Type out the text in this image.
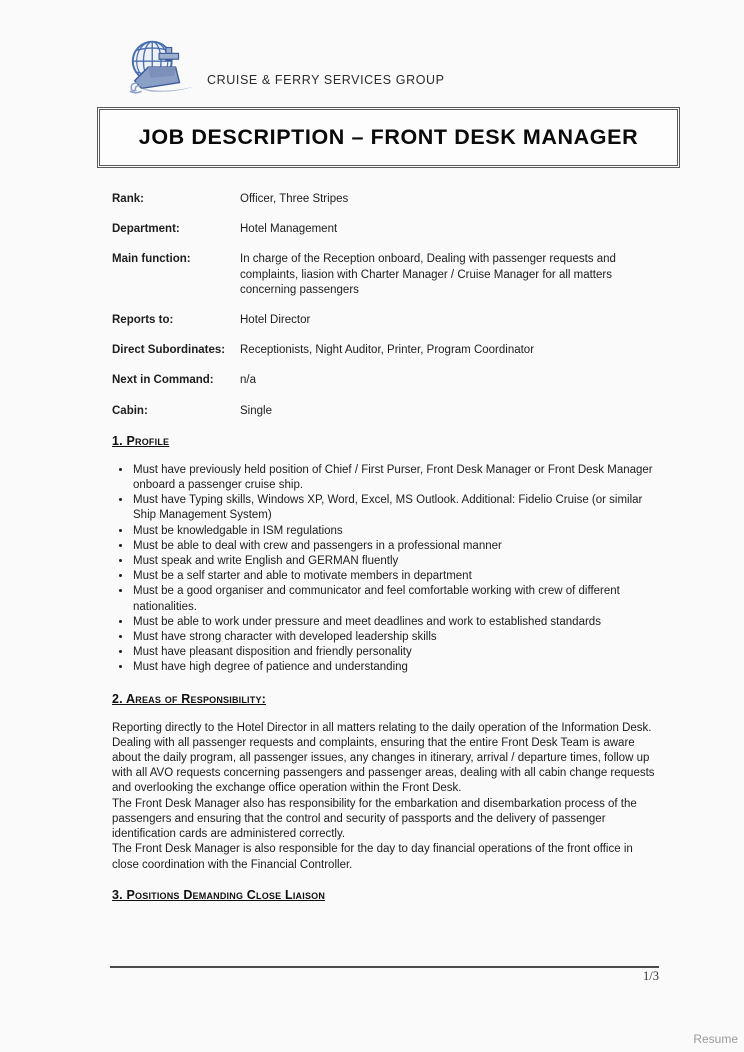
CRUISE & FERRY SERVICES GROUP
JOB DESCRIPTION – FRONT DESK MANAGER
Rank:	Officer, Three Stripes
Department:	Hotel Management
Main function:	In charge of the Reception onboard, Dealing with passenger requests and complaints, liasion with Charter Manager / Cruise Manager for all matters concerning passengers
Reports to:	Hotel Director
Direct Subordinates:	Receptionists, Night Auditor, Printer, Program Coordinator
Next in Command:	n/a
Cabin:	Single
1. Profile
• Must have previously held position of Chief / First Purser, Front Desk Manager or Front Desk Manager onboard a passenger cruise ship.
• Must have Typing skills, Windows XP, Word, Excel, MS Outlook. Additional: Fidelio Cruise (or similar Ship Management System)
• Must be knowledgable in ISM regulations
• Must be able to deal with crew and passengers in a professional manner
• Must speak and write English and GERMAN fluently
• Must be a self starter and able to motivate members in department
• Must be a good organiser and communicator and feel comfortable working with crew of different nationalities.
• Must be able to work under pressure and meet deadlines and work to established standards
• Must have strong character with developed leadership skills
• Must have pleasant disposition and friendly personality
• Must have high degree of patience and understanding
2. Areas of Responsibility:

Reporting directly to the Hotel Director in all matters relating to the daily operation of the Information Desk.

Dealing with all passenger requests and complaints, ensuring that the entire Front Desk Team is aware about the daily program, all passenger issues, any changes in itinerary, arrival / departure times, follow up with all AVO requests concerning passengers and passenger areas, dealing with all cabin change requests and overlooking the exchange office operation within the Front Desk.

The Front Desk Manager also has responsibility for the embarkation and disembarkation process of the passengers and ensuring that the control and security of passports and the delivery of passenger identification cards are administered correctly.

The Front Desk Manager is also responsible for the day to day financial operations of the front office in close coordination with the Financial Controller.

3. Positions Demanding Close Liaison
1/3
Resume
